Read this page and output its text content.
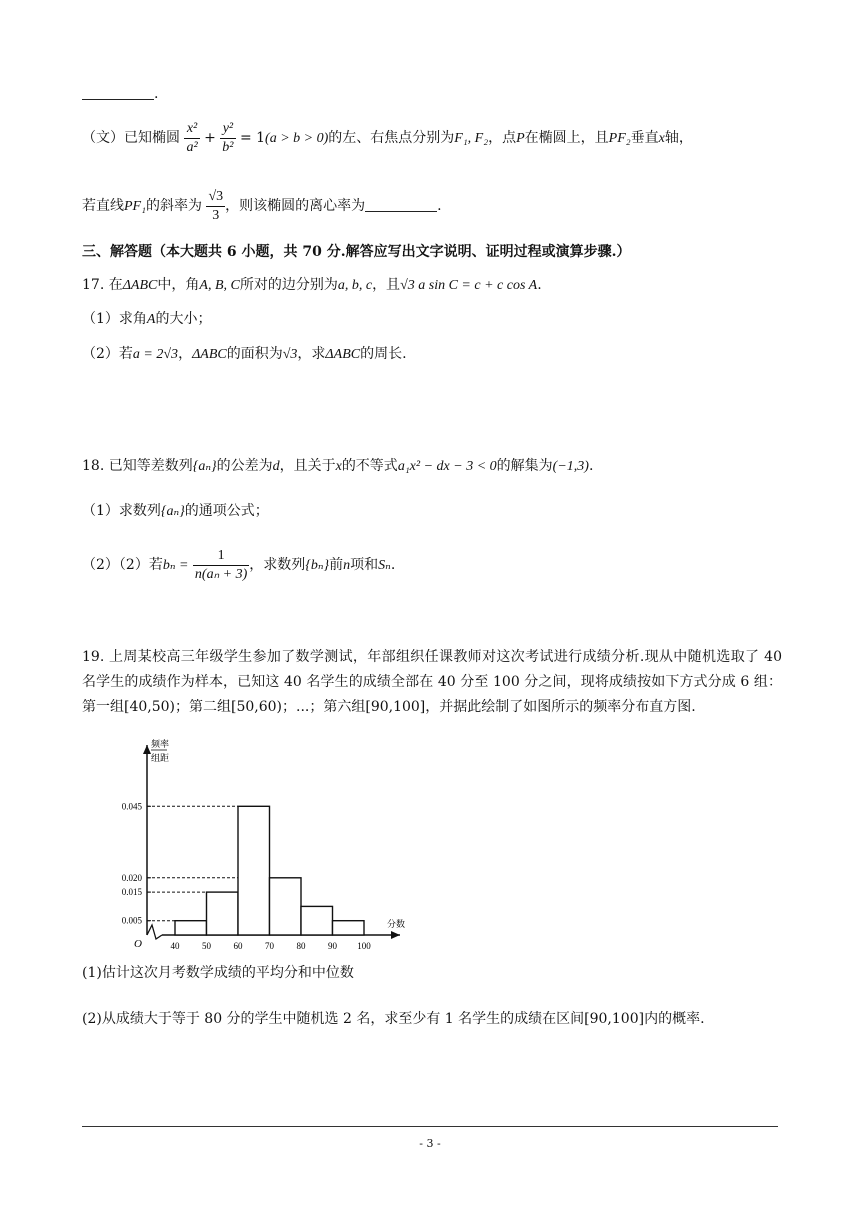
.
（文）已知椭圆 $\frac{\text{x²}}{\text{a²}} + \frac{\text{y²}}{\text{b²}} = 1(a > b > 0)$的左、右焦点分别为F₁, F₂，点P在椭圆上，且PF₂垂直x轴，
若直线PF₁的斜率为 $\frac{√3}{3}$ ，则该椭圆的离心率为	.
三、解答题（本大题共 6 小题，共 70 分.解答应写出文字说明、证明过程或演算步骤.）
17. 在ΔABC中，角A, B, C所对的边分别为a, b, c，且√3 a sin C = c + c cos A.
（1）求角A的大小；
（2）若a = 2√3，ΔABC的面积为√3，求ΔABC的周长.
18. 已知等差数列{aₙ}的公差为d，且关于x的不等式a₁x² − dx − 3 < 0的解集为(−1,3).
（1）求数列{aₙ}的通项公式；
（2）（2）若$b_n = \frac{1}{\text{n(aₙ + 3)}}$ ，求数列{bₙ}前n项和Sₙ.
19. 上周某校高三年级学生参加了数学测试，年部组织任课教师对这次考试进行成绩分析.现从中随机选取了 40 名学生的成绩作为样本，已知这 40 名学生的成绩全部在 40 分至 100 分之间，现将成绩按如下方式分成 6 组：第一组[40,50)；第二组[50,60)；...；第六组[90,100]，并据此绘制了如图所示的频率分布直方图.
O
频率
组距
分数
0.045
0.020
0.015
0.005
40	50	60	70	80	90 100
(1)估计这次月考数学成绩的平均分和中位数
(2)从成绩大于等于 80 分的学生中随机选 2 名，求至少有 1 名学生的成绩在区间[90,100]内的概率.
- 3 -
